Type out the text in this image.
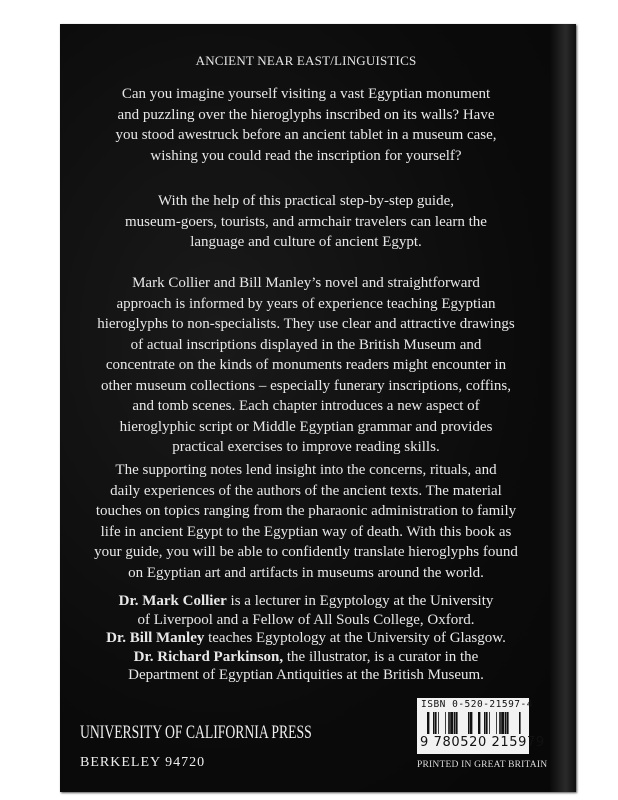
ANCIENT NEAR EAST/LINGUISTICS
Can you imagine yourself visiting a vast Egyptian monument
and puzzling over the hieroglyphs inscribed on its walls? Have
you stood awestruck before an ancient tablet in a museum case,
wishing you could read the inscription for yourself?
With the help of this practical step-by-step guide,
museum-goers, tourists, and armchair travelers can learn the
language and culture of ancient Egypt.
Mark Collier and Bill Manley’s novel and straightforward
approach is informed by years of experience teaching Egyptian
hieroglyphs to non-specialists. They use clear and attractive drawings
of actual inscriptions displayed in the British Museum and
concentrate on the kinds of monuments readers might encounter in
other museum collections – especially funerary inscriptions, coffins,
and tomb scenes. Each chapter introduces a new aspect of
hieroglyphic script or Middle Egyptian grammar and provides
practical exercises to improve reading skills.
The supporting notes lend insight into the concerns, rituals, and
daily experiences of the authors of the ancient texts. The material
touches on topics ranging from the pharaonic administration to family
life in ancient Egypt to the Egyptian way of death. With this book as
your guide, you will be able to confidently translate hieroglyphs found
on Egyptian art and artifacts in museums around the world.
Dr. Mark Collier is a lecturer in Egyptology at the University
of Liverpool and a Fellow of All Souls College, Oxford.
Dr. Bill Manley teaches Egyptology at the University of Glasgow.
Dr. Richard Parkinson, the illustrator, is a curator in the
Department of Egyptian Antiquities at the British Museum.
UNIVERSITY OF CALIFORNIA PRESS
BERKELEY 94720
ISBN 0-520-21597-4
9 780520 215979
PRINTED IN GREAT BRITAIN
